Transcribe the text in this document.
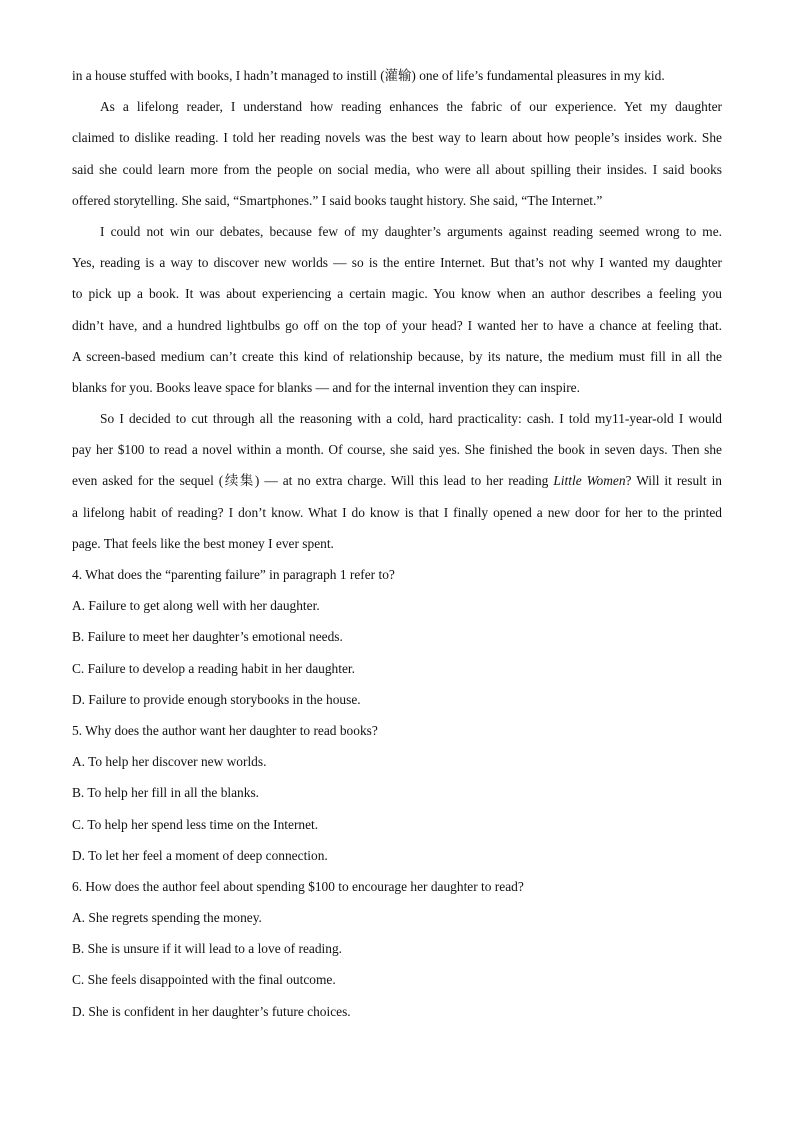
in a house stuffed with books, I hadn’t managed to instill (灌输) one of life’s fundamental pleasures in my kid.
As a lifelong reader, I understand how reading enhances the fabric of our experience. Yet my daughter
claimed to dislike reading. I told her reading novels was the best way to learn about how people’s insides work. She
said she could learn more from the people on social media, who were all about spilling their insides. I said books
offered storytelling. She said, “Smartphones.” I said books taught history. She said, “The Internet.”
I could not win our debates, because few of my daughter’s arguments against reading seemed wrong to me.
Yes, reading is a way to discover new worlds — so is the entire Internet. But that’s not why I wanted my daughter
to pick up a book. It was about experiencing a certain magic. You know when an author describes a feeling you
didn’t have, and a hundred lightbulbs go off on the top of your head? I wanted her to have a chance at feeling that.
A screen-based medium can’t create this kind of relationship because, by its nature, the medium must fill in all the
blanks for you. Books leave space for blanks — and for the internal invention they can inspire.
So I decided to cut through all the reasoning with a cold, hard practicality: cash. I told my11-year-old I would
pay her $100 to read a novel within a month. Of course, she said yes. She finished the book in seven days. Then she
even asked for the sequel (续集) — at no extra charge. Will this lead to her reading Little Women? Will it result in
a lifelong habit of reading? I don’t know. What I do know is that I finally opened a new door for her to the printed
page. That feels like the best money I ever spent.
4. What does the “parenting failure” in paragraph 1 refer to?
A. Failure to get along well with her daughter.
B. Failure to meet her daughter’s emotional needs.
C. Failure to develop a reading habit in her daughter.
D. Failure to provide enough storybooks in the house.
5. Why does the author want her daughter to read books?
A. To help her discover new worlds.
B. To help her fill in all the blanks.
C. To help her spend less time on the Internet.
D. To let her feel a moment of deep connection.
6. How does the author feel about spending $100 to encourage her daughter to read?
A. She regrets spending the money.
B. She is unsure if it will lead to a love of reading.
C. She feels disappointed with the final outcome.
D. She is confident in her daughter’s future choices.
